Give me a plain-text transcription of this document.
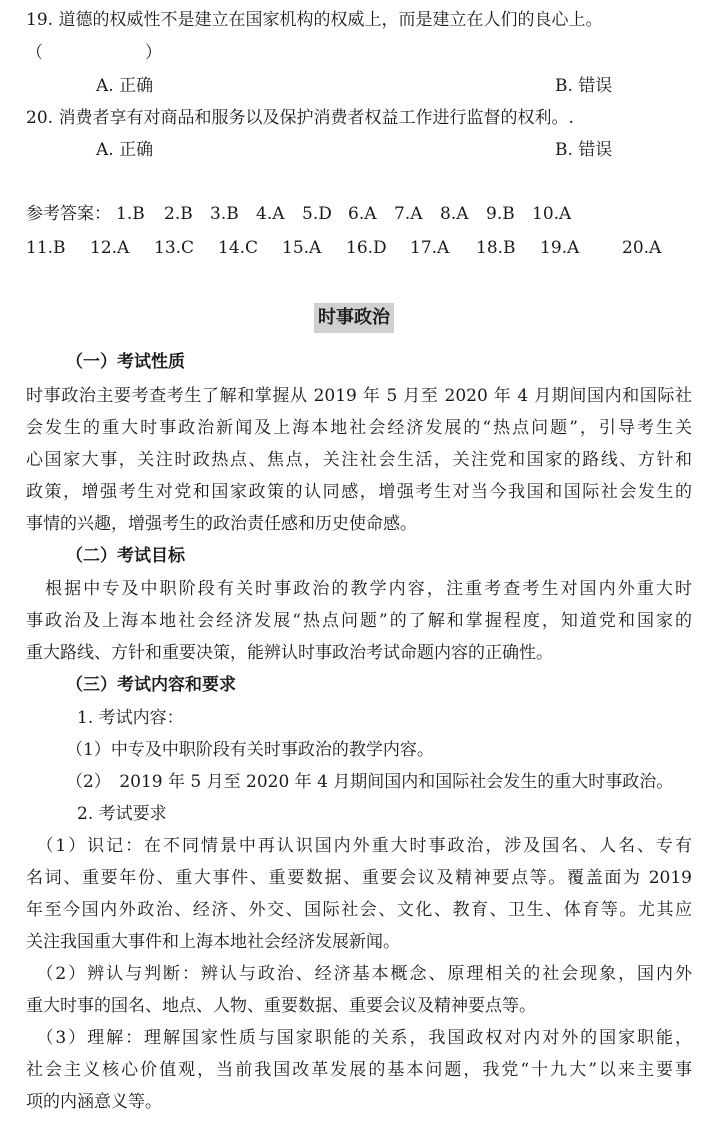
19. 道德的权威性不是建立在国家机构的权威上，而是建立在人们的良心上。
（　　　　　　）
A. 正确	B. 错误
20. 消费者享有对商品和服务以及保护消费者权益工作进行监督的权利。.
A. 正确	B. 错误
参考答案： 1.B 2.B 3.B 4.A 5.D 6.A 7.A 8.A 9.B 10.A
11.B 12.A 13.C 14.C 15.A 16.D 17.A 18.B 19.A	20.A
时事政治
（一）考试性质
时事政治主要考查考生了解和掌握从 2019 年 5 月至 2020 年 4 月期间国内和国际社
会发生的重大时事政治新闻及上海本地社会经济发展的“热点问题”，引导考生关
心国家大事，关注时政热点、焦点，关注社会生活，关注党和国家的路线、方针和
政策，增强考生对党和国家政策的认同感，增强考生对当今我国和国际社会发生的
事情的兴趣，增强考生的政治责任感和历史使命感。
（二）考试目标
　根据中专及中职阶段有关时事政治的教学内容，注重考查考生对国内外重大时
事政治及上海本地社会经济发展“热点问题”的了解和掌握程度，知道党和国家的
重大路线、方针和重要决策，能辨认时事政治考试命题内容的正确性。
（三）考试内容和要求
　1. 考试内容：
（1）中专及中职阶段有关时事政治的教学内容。
（2）　2019 年 5 月至 2020 年 4 月期间国内和国际社会发生的重大时事政治。
　2. 考试要求
　（1）识记：在不同情景中再认识国内外重大时事政治，涉及国名、人名、专有
名词、重要年份、重大事件、重要数据、重要会议及精神要点等。覆盖面为 2019
年至今国内外政治、经济、外交、国际社会、文化、教育、卫生、体育等。尤其应
关注我国重大事件和上海本地社会经济发展新闻。
　（2）辨认与判断：辨认与政治、经济基本概念、原理相关的社会现象，国内外
重大时事的国名、地点、人物、重要数据、重要会议及精神要点等。
　（3）理解：理解国家性质与国家职能的关系，我国政权对内对外的国家职能，
社会主义核心价值观，当前我国改革发展的基本问题，我党“十九大”以来主要事
项的内涵意义等。
